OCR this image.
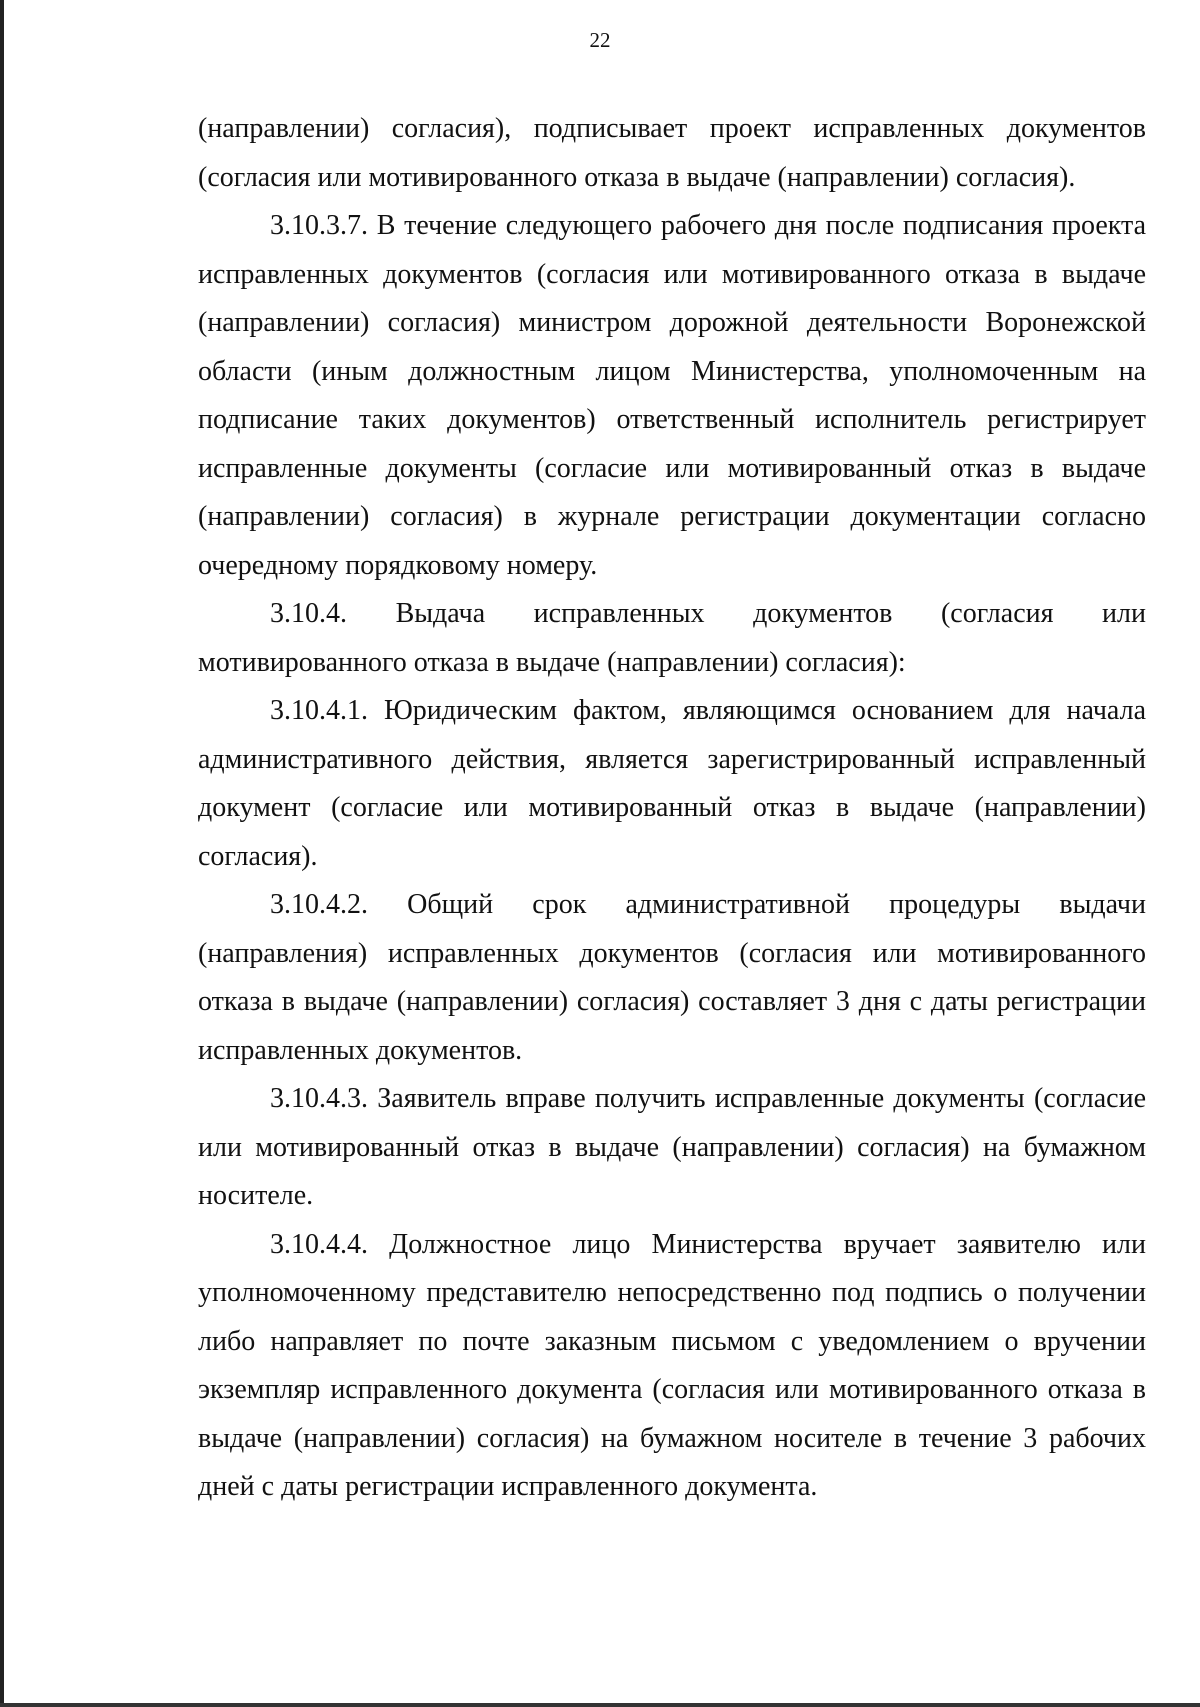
22

(направлении) согласия), подписывает проект исправленных документов (согласия или мотивированного отказа в выдаче (направлении) согласия).

3.10.3.7. В течение следующего рабочего дня после подписания проекта исправленных документов (согласия или мотивированного отказа в выдаче (направлении) согласия) министром дорожной деятельности Воронежской области (иным должностным лицом Министерства, уполномоченным на подписание таких документов) ответственный исполнитель регистрирует исправленные документы (согласие или мотивированный отказ в выдаче (направлении) согласия) в журнале регистрации документации согласно очередному порядковому номеру.

3.10.4. Выдача исправленных документов (согласия или мотивированного отказа в выдаче (направлении) согласия):

3.10.4.1. Юридическим фактом, являющимся основанием для начала административного действия, является зарегистрированный исправленный документ (согласие или мотивированный отказ в выдаче (направлении) согласия).

3.10.4.2. Общий срок административной процедуры выдачи (направления) исправленных документов (согласия или мотивированного отказа в выдаче (направлении) согласия) составляет 3 дня с даты регистрации исправленных документов.

3.10.4.3. Заявитель вправе получить исправленные документы (согласие или мотивированный отказ в выдаче (направлении) согласия) на бумажном носителе.

3.10.4.4. Должностное лицо Министерства вручает заявителю или уполномоченному представителю непосредственно под подпись о получении либо направляет по почте заказным письмом с уведомлением о вручении экземпляр исправленного документа (согласия или мотивированного отказа в выдаче (направлении) согласия) на бумажном носителе в течение 3 рабочих дней с даты регистрации исправленного документа.
